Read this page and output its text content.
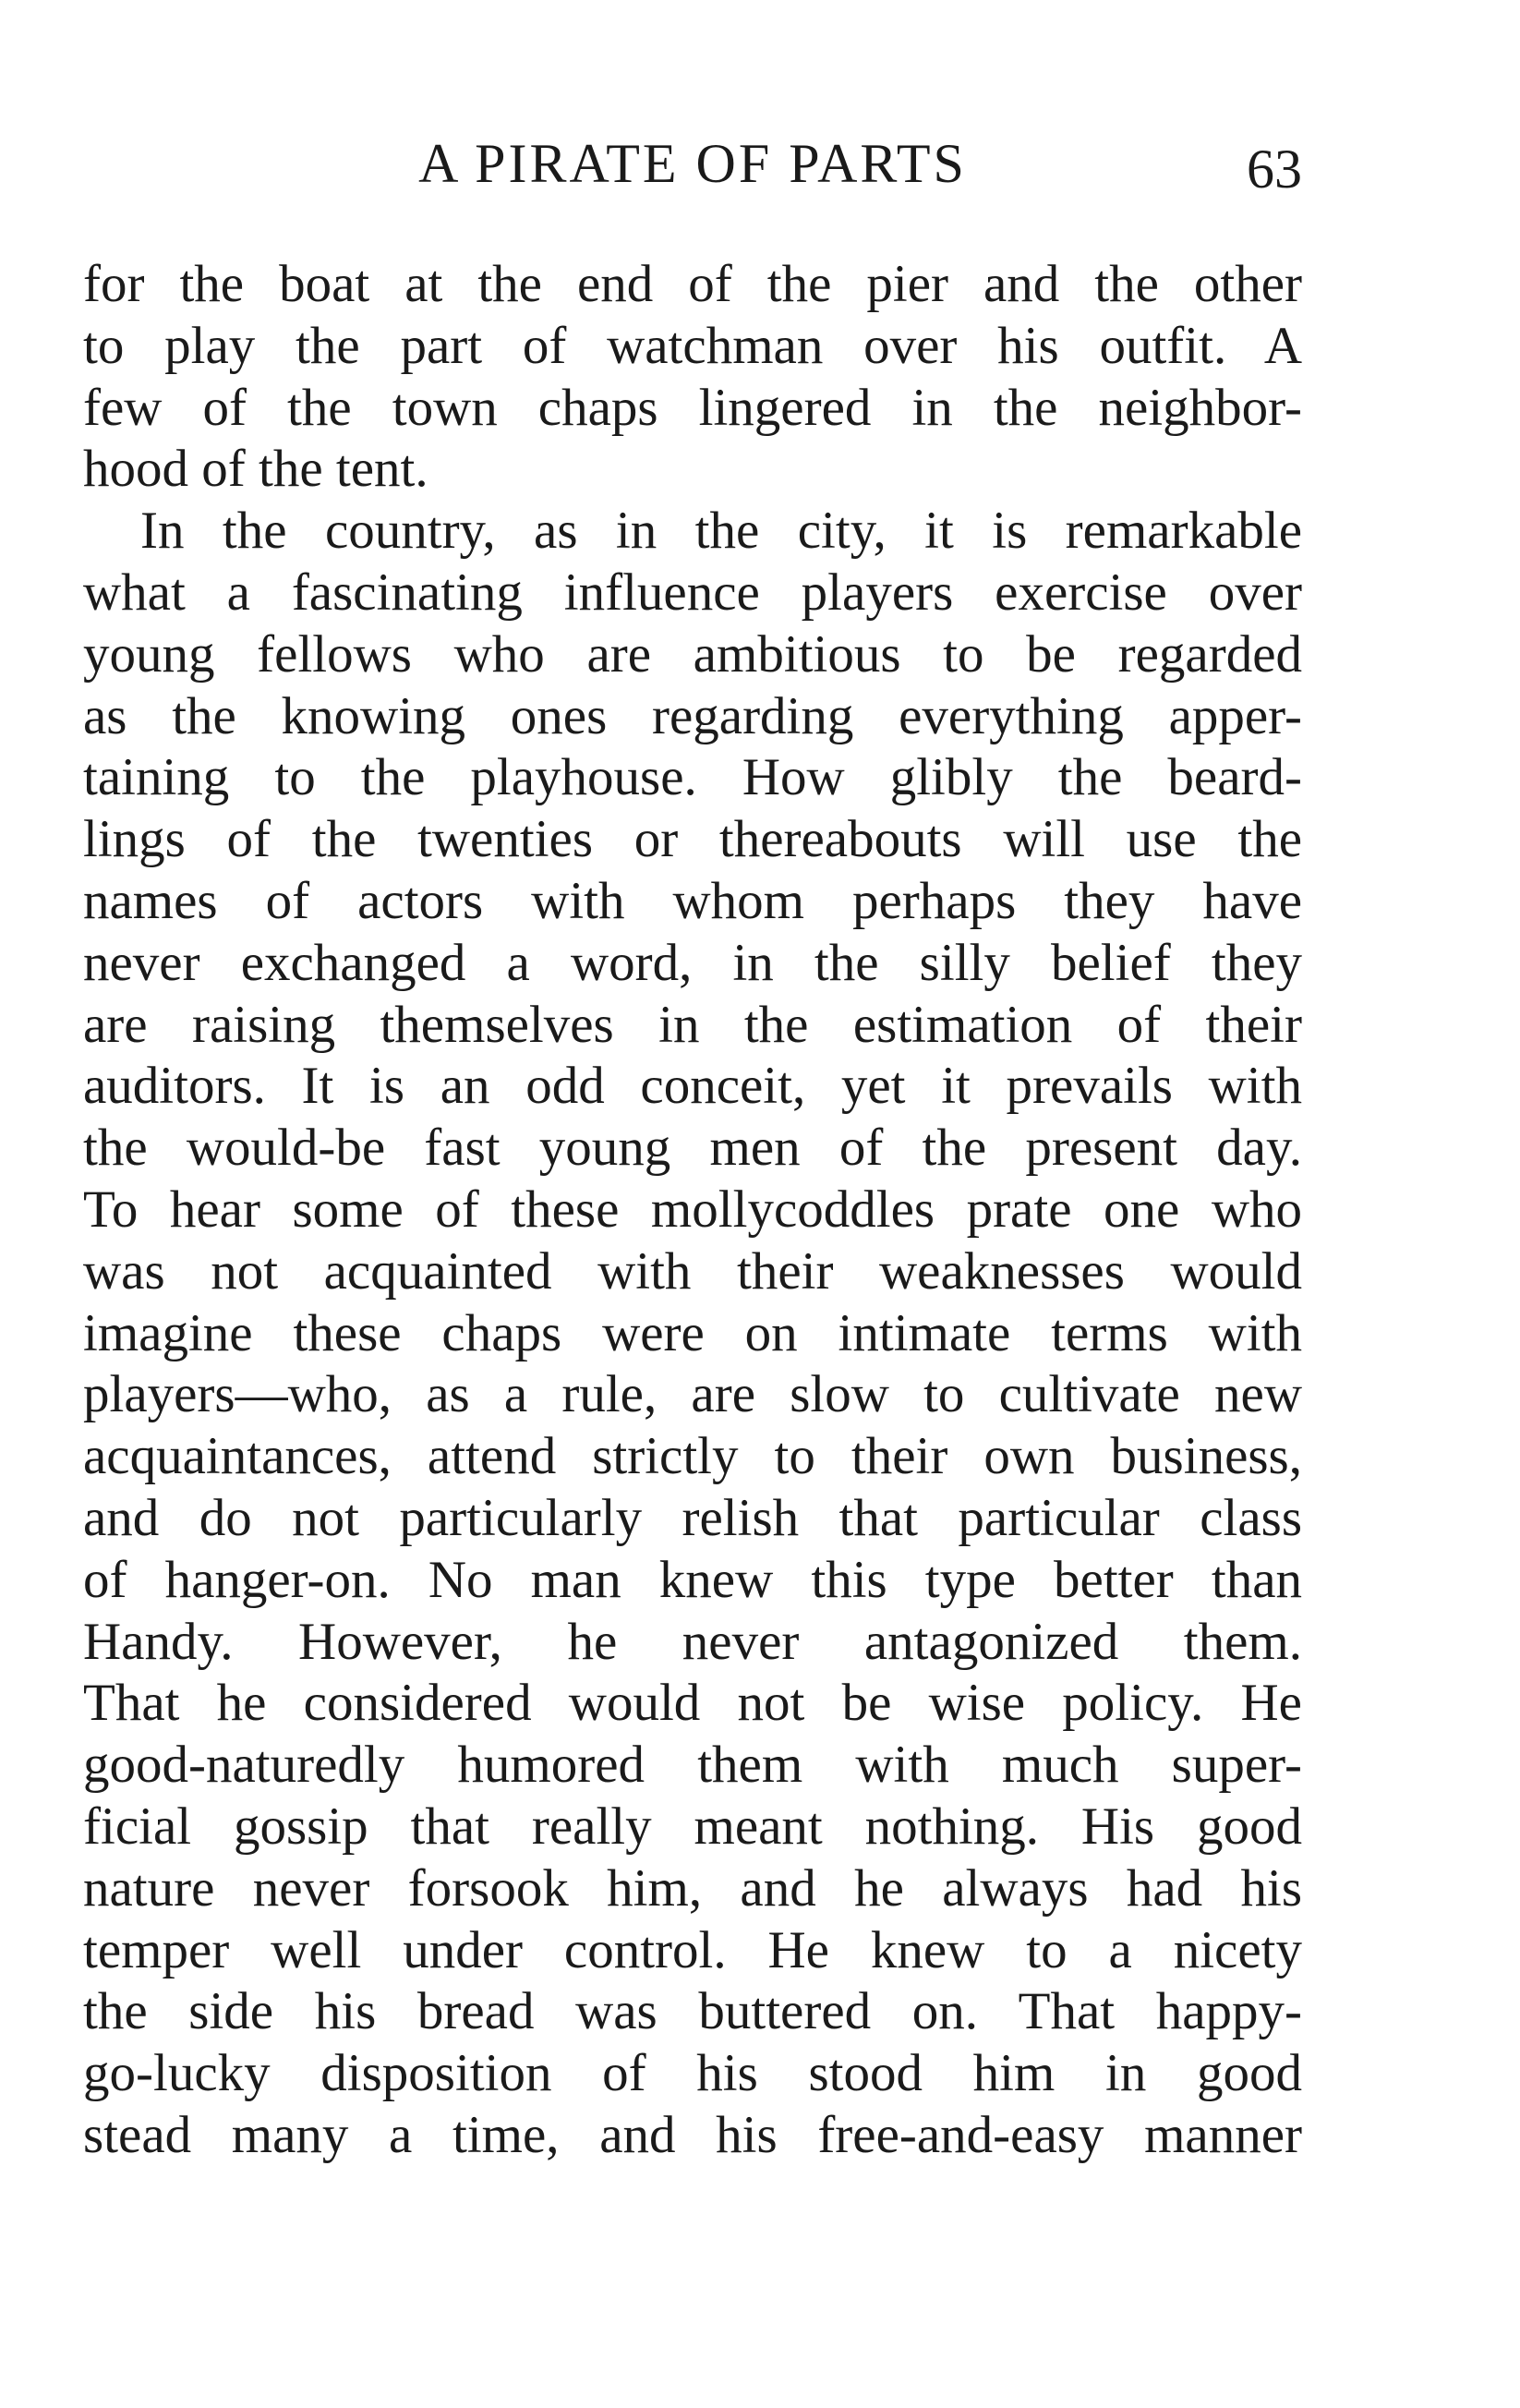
A PIRATE OF PARTS	63
for the boat at the end of the pier and the other
to play the part of watchman over his outfit. A
few of the town chaps lingered in the neighbor-
hood of the tent.
In the country, as in the city, it is remarkable
what a fascinating influence players exercise over
young fellows who are ambitious to be regarded
as the knowing ones regarding everything apper-
taining to the playhouse. How glibly the beard-
lings of the twenties or thereabouts will use the
names of actors with whom perhaps they have
never exchanged a word, in the silly belief they
are raising themselves in the estimation of their
auditors. It is an odd conceit, yet it prevails with
the would-be fast young men of the present day.
To hear some of these mollycoddles prate one who
was not acquainted with their weaknesses would
imagine these chaps were on intimate terms with
players—who, as a rule, are slow to cultivate new
acquaintances, attend strictly to their own business,
and do not particularly relish that particular class
of hanger-on. No man knew this type better than
Handy. However, he never antagonized them.
That he considered would not be wise policy. He
good-naturedly humored them with much super-
ficial gossip that really meant nothing. His good
nature never forsook him, and he always had his
temper well under control. He knew to a nicety
the side his bread was buttered on. That happy-
go-lucky disposition of his stood him in good
stead many a time, and his free-and-easy manner
